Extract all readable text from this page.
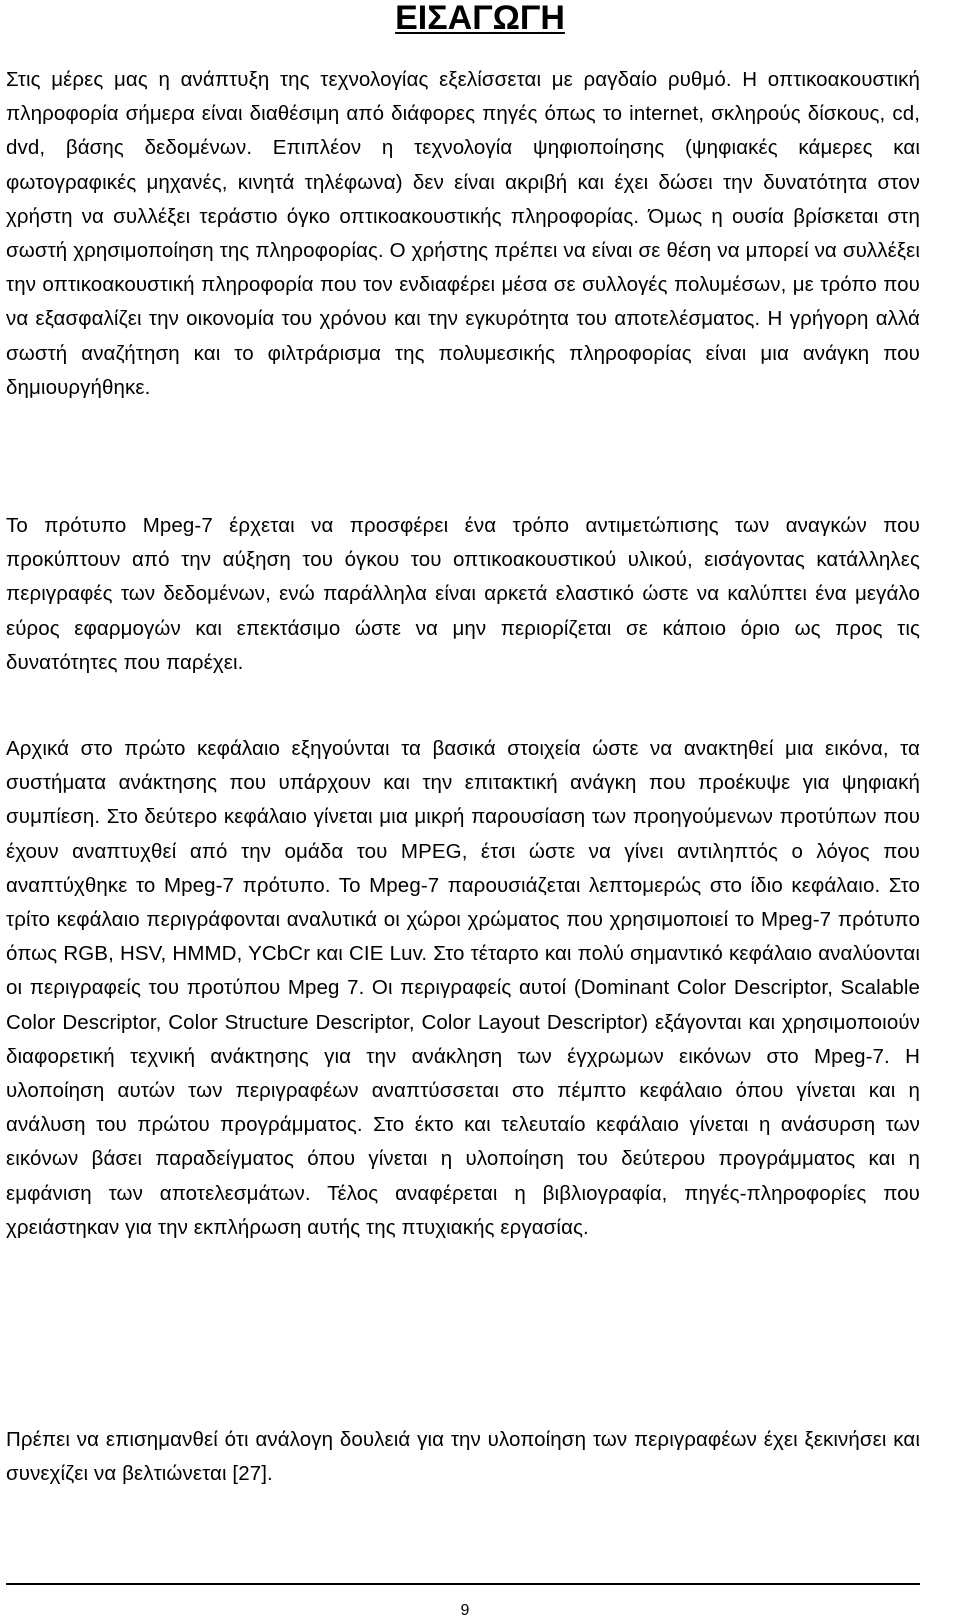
ΕΙΣΑΓΩΓΗ

Στις μέρες μας η ανάπτυξη της τεχνολογίας εξελίσσεται με ραγδαίο ρυθμό. Η οπτικοακουστική πληροφορία σήμερα είναι διαθέσιμη από διάφορες πηγές όπως το internet, σκληρούς δίσκους, cd, dvd, βάσης δεδομένων. Επιπλέον η τεχνολογία ψηφιοποίησης (ψηφιακές κάμερες και φωτογραφικές μηχανές, κινητά τηλέφωνα) δεν είναι ακριβή και έχει δώσει την δυνατότητα στον χρήστη να συλλέξει τεράστιο όγκο οπτικοακουστικής πληροφορίας. Όμως η ουσία βρίσκεται στη σωστή χρησιμοποίηση της πληροφορίας. Ο χρήστης πρέπει να είναι σε θέση να μπορεί να συλλέξει την οπτικοακουστική πληροφορία που τον ενδιαφέρει μέσα σε συλλογές πολυμέσων, με τρόπο που να εξασφαλίζει την οικονομία του χρόνου και την εγκυρότητα του αποτελέσματος. Η γρήγορη αλλά σωστή αναζήτηση και το φιλτράρισμα της πολυμεσικής πληροφορίας είναι μια ανάγκη που δημιουργήθηκε.

Το πρότυπο Mpeg-7 έρχεται να προσφέρει ένα τρόπο αντιμετώπισης των αναγκών που προκύπτουν από την αύξηση του όγκου του οπτικοακουστικού υλικού, εισάγοντας κατάλληλες περιγραφές των δεδομένων, ενώ παράλληλα είναι αρκετά ελαστικό ώστε να καλύπτει ένα μεγάλο εύρος εφαρμογών και επεκτάσιμο ώστε να μην περιορίζεται σε κάποιο όριο ως προς τις δυνατότητες που παρέχει.

Αρχικά στο πρώτο κεφάλαιο εξηγούνται τα βασικά στοιχεία ώστε να ανακτηθεί μια εικόνα, τα συστήματα ανάκτησης που υπάρχουν και την επιτακτική ανάγκη που προέκυψε για ψηφιακή συμπίεση. Στο δεύτερο κεφάλαιο γίνεται μια μικρή παρουσίαση των προηγούμενων προτύπων που έχουν αναπτυχθεί από την ομάδα του MPEG, έτσι ώστε να γίνει αντιληπτός ο λόγος που αναπτύχθηκε το Mpeg-7 πρότυπο. Το Mpeg-7 παρουσιάζεται λεπτομερώς στο ίδιο κεφάλαιο. Στο τρίτο κεφάλαιο περιγράφονται αναλυτικά οι χώροι χρώματος που χρησιμοποιεί το Mpeg-7 πρότυπο όπως RGB, HSV, HMMD, YCbCr και CIE Luv. Στο τέταρτο και πολύ σημαντικό κεφάλαιο αναλύονται οι περιγραφείς του προτύπου Mpeg 7. Οι περιγραφείς αυτοί (Dominant Color Descriptor, Scalable Color Descriptor, Color Structure Descriptor, Color Layout Descriptor) εξάγονται και χρησιμοποιούν διαφορετική τεχνική ανάκτησης για την ανάκληση των έγχρωμων εικόνων στο Mpeg-7. Η υλοποίηση αυτών των περιγραφέων αναπτύσσεται στο πέμπτο κεφάλαιο όπου γίνεται και η ανάλυση του πρώτου προγράμματος. Στο έκτο και τελευταίο κεφάλαιο γίνεται η ανάσυρση των εικόνων βάσει παραδείγματος όπου γίνεται η υλοποίηση του δεύτερου προγράμματος και η εμφάνιση των αποτελεσμάτων. Τέλος αναφέρεται η βιβλιογραφία, πηγές-πληροφορίες που χρειάστηκαν για την εκπλήρωση αυτής της πτυχιακής εργασίας.

Πρέπει να επισημανθεί ότι ανάλογη δουλειά για την υλοποίηση των περιγραφέων έχει ξεκινήσει και συνεχίζει να βελτιώνεται [27].

9
